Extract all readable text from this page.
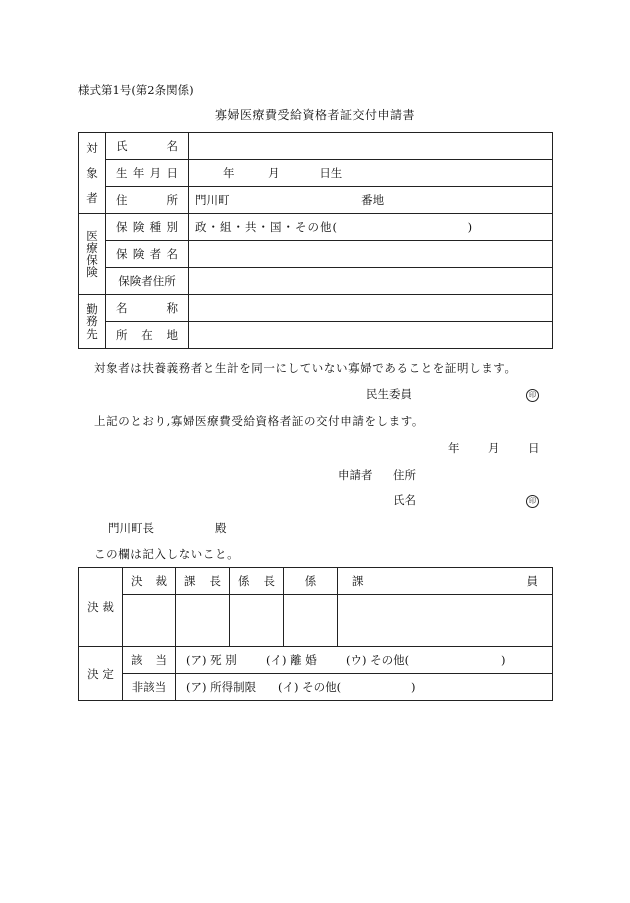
様式第1号(第2条関係)
寡婦医療費受給資格者証交付申請書
対
象
者	氏 名	

	生 年 月 日	年 月 日生

	住 所	門川町 番地

医
療
保
険	保 険 種 別	政・組・共・国・その他( )

	保 険 者 名	

	保険者住所	

勤
務
先	名 称	

	所 在 地	

対象者は扶養義務者と生計を同一にしていない寡婦であることを証明します。
民生委員	印
上記のとおり,寡婦医療費受給資格者証の交付申請をします。
年 月 日
申請者 住所
氏名	印
門川町長	殿
この欄は記入しないこと。
決 裁	決 裁	課 長	係 長	係	課 員

決 定	該 当	(ア) 死 別 (イ) 離 婚 (ウ) その他( )			

	非該当	(ア) 所得制限 (イ) その他( )			
